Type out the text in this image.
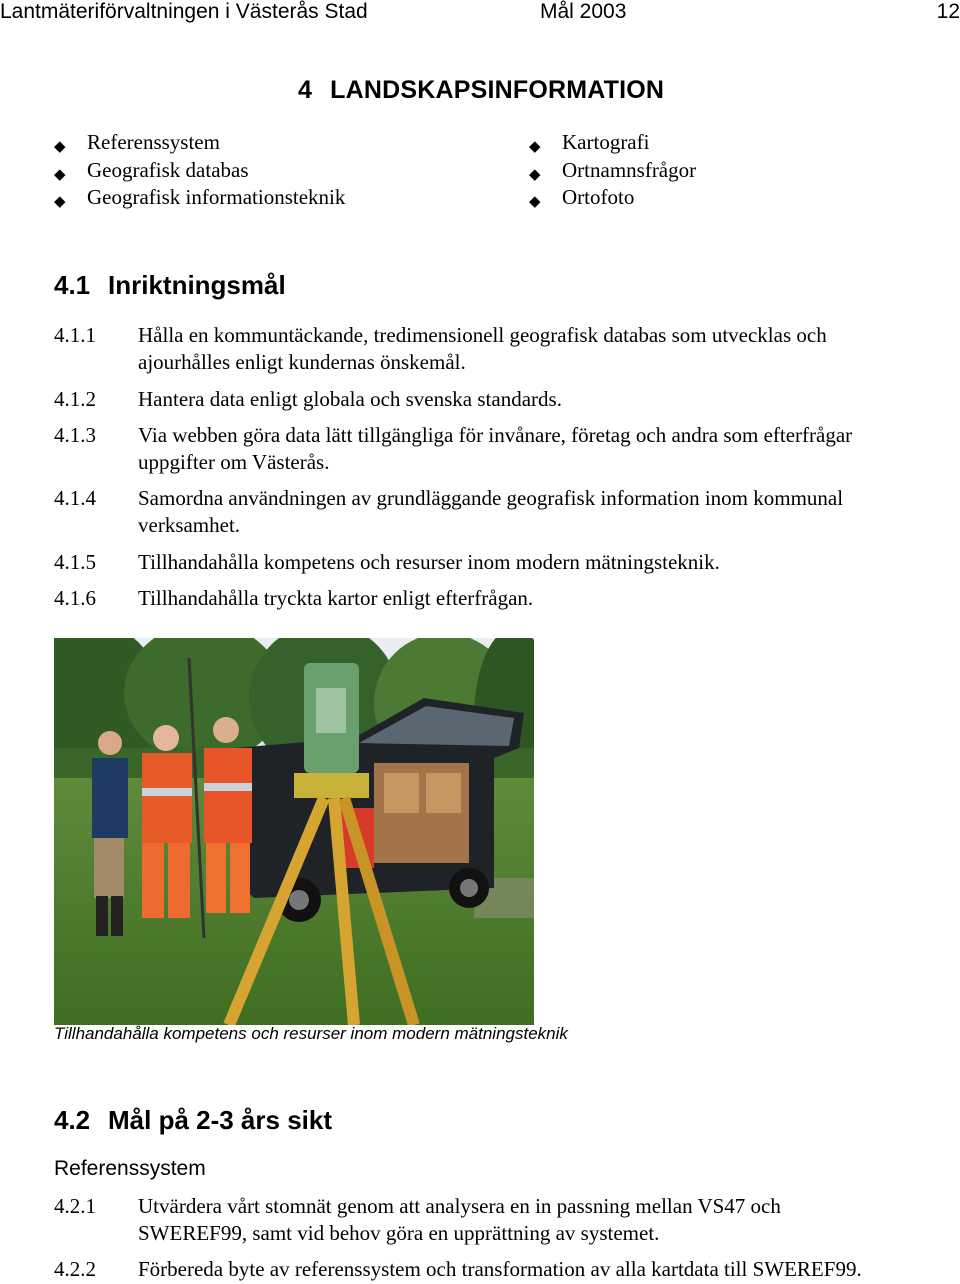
Lantmäteriförvaltningen i Västerås Stad	Mål 2003	12
4 LANDSKAPSINFORMATION
◆ Referenssystem
◆ Geografisk databas
◆ Geografisk informationsteknik
◆ Kartografi
◆ Ortnamnsfrågor
◆ Ortofoto
4.1 Inriktningsmål
4.1.1 Hålla en kommuntäckande, tredimensionell geografisk databas som utvecklas och
ajourhålles enligt kundernas önskemål.
4.1.2 Hantera data enligt globala och svenska standards.
4.1.3 Via webben göra data lätt tillgängliga för invånare, företag och andra som efterfrågar
uppgifter om Västerås.
4.1.4 Samordna användningen av grundläggande geografisk information inom kommunal
verksamhet.
4.1.5 Tillhandahålla kompetens och resurser inom modern mätningsteknik.
4.1.6 Tillhandahålla tryckta kartor enligt efterfrågan.
Tillhandahålla kompetens och resurser inom modern mätningsteknik
4.2 Mål på 2-3 års sikt
Referenssystem
4.2.1 Utvärdera vårt stomnät genom att analysera en in passning mellan VS47 och
SWEREF99, samt vid behov göra en upprättning av systemet.
4.2.2 Förbereda byte av referenssystem och transformation av alla kartdata till SWEREF99.
